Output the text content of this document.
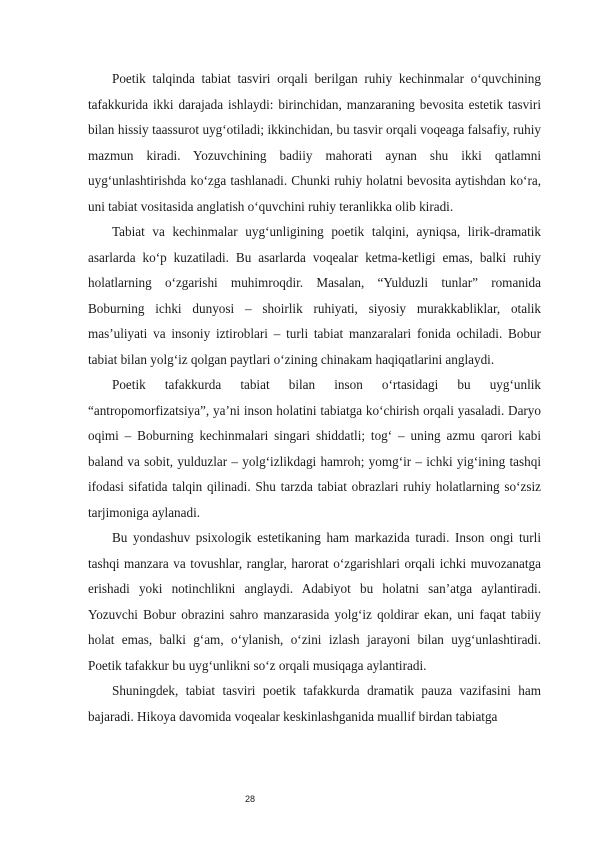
Poetik talqinda tabiat tasviri orqali berilgan ruhiy kechinmalar o‘quvchining tafakkurida ikki darajada ishlaydi: birinchidan, manzaraning bevosita estetik tasviri bilan hissiy taassurot uyg‘otiladi; ikkinchidan, bu tasvir orqali voqeaga falsafiy, ruhiy mazmun kiradi. Yozuvchining badiiy mahorati aynan shu ikki qatlamni uyg‘unlashtirishda ko‘zga tashlanadi. Chunki ruhiy holatni bevosita aytishdan ko‘ra, uni tabiat vositasida anglatish o‘quvchini ruhiy teranlikka olib kiradi.

Tabiat va kechinmalar uyg‘unligining poetik talqini, ayniqsa, lirik-dramatik asarlarda ko‘p kuzatiladi. Bu asarlarda voqealar ketma-ketligi emas, balki ruhiy holatlarning o‘zgarishi muhimroqdir. Masalan, “Yulduzli tunlar” romanida Boburning ichki dunyosi – shoirlik ruhiyati, siyosiy murakkabliklar, otalik mas’uliyati va insoniy iztiroblari – turli tabiat manzaralari fonida ochiladi. Bobur tabiat bilan yolg‘iz qolgan paytlari o‘zining chinakam haqiqatlarini anglaydi.

Poetik tafakkurda tabiat bilan inson o‘rtasidagi bu uyg‘unlik “antropomorfizatsiya”, ya’ni inson holatini tabiatga ko‘chirish orqali yasaladi. Daryo oqimi – Boburning kechinmalari singari shiddatli; tog‘ – uning azmu qarori kabi baland va sobit, yulduzlar – yolg‘izlikdagi hamroh; yomg‘ir – ichki yig‘ining tashqi ifodasi sifatida talqin qilinadi. Shu tarzda tabiat obrazlari ruhiy holatlarning so‘zsiz tarjimoniga aylanadi.

Bu yondashuv psixologik estetikaning ham markazida turadi. Inson ongi turli tashqi manzara va tovushlar, ranglar, harorat o‘zgarishlari orqali ichki muvozanatga erishadi yoki notinchlikni anglaydi. Adabiyot bu holatni san’atga aylantiradi. Yozuvchi Bobur obrazini sahro manzarasida yolg‘iz qoldirar ekan, uni faqat tabiiy holat emas, balki g‘am, o‘ylanish, o‘zini izlash jarayoni bilan uyg‘unlashtiradi. Poetik tafakkur bu uyg‘unlikni so‘z orqali musiqaga aylantiradi.

Shuningdek, tabiat tasviri poetik tafakkurda dramatik pauza vazifasini ham bajaradi. Hikoya davomida voqealar keskinlashganida muallif birdan tabiatga

28
